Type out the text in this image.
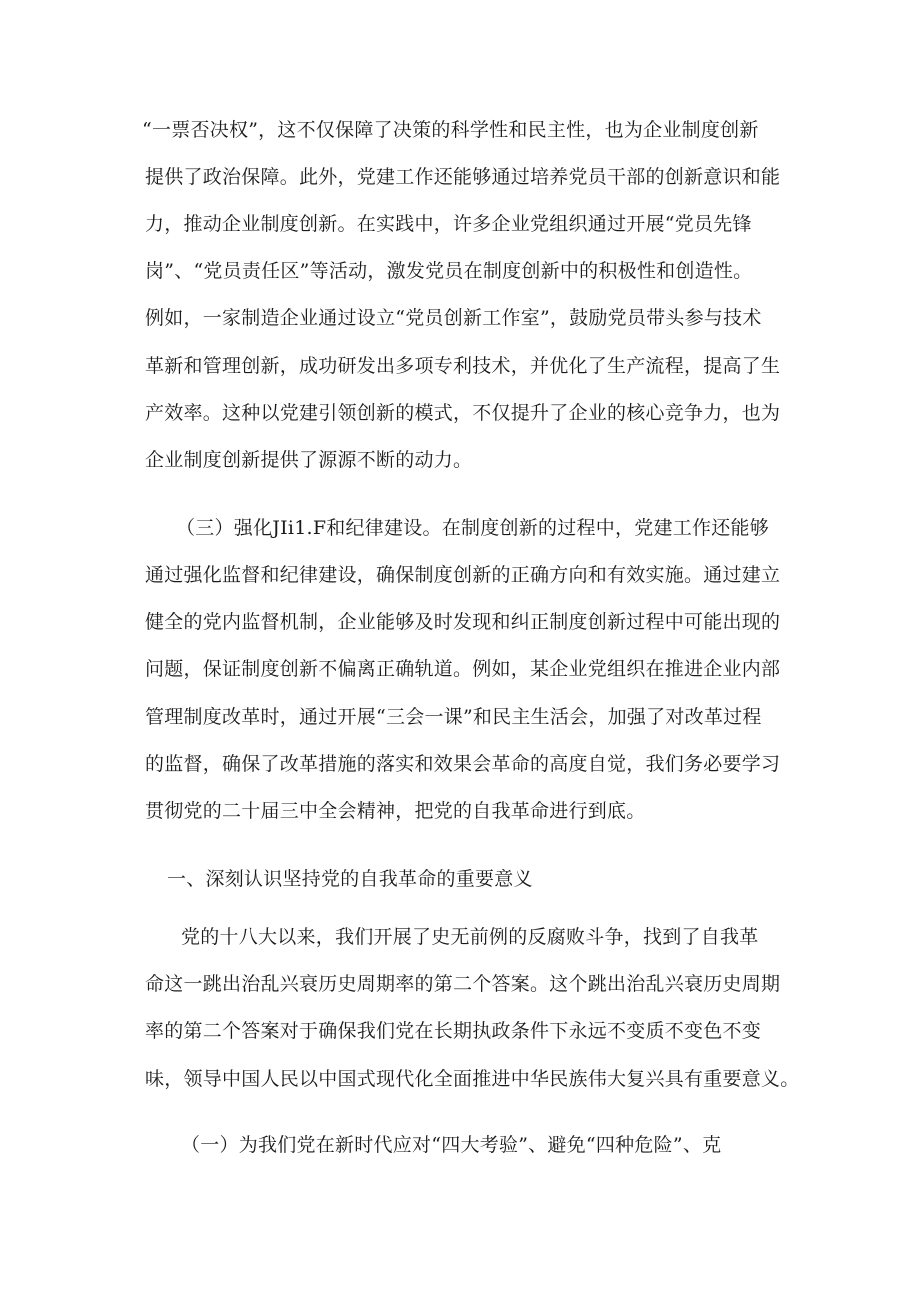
“一票否决权”，这不仅保障了决策的科学性和民主性，也为企业制度创新

提供了政治保障。此外，党建工作还能够通过培养党员干部的创新意识和能

力，推动企业制度创新。在实践中，许多企业党组织通过开展“党员先锋

岗”、“党员责任区”等活动，激发党员在制度创新中的积极性和创造性。

例如，一家制造企业通过设立“党员创新工作室”，鼓励党员带头参与技术

革新和管理创新，成功研发出多项专利技术，并优化了生产流程，提高了生

产效率。这种以党建引领创新的模式，不仅提升了企业的核心竞争力，也为

企业制度创新提供了源源不断的动力。

（三）强化JIi1.F和纪律建设。在制度创新的过程中，党建工作还能够

通过强化监督和纪律建设，确保制度创新的正确方向和有效实施。通过建立

健全的党内监督机制，企业能够及时发现和纠正制度创新过程中可能出现的

问题，保证制度创新不偏离正确轨道。例如，某企业党组织在推进企业内部

管理制度改革时，通过开展“三会一课”和民主生活会，加强了对改革过程

的监督，确保了改革措施的落实和效果会革命的高度自觉，我们务必要学习

贯彻党的二十届三中全会精神，把党的自我革命进行到底。

一、深刻认识坚持党的自我革命的重要意义

党的十八大以来，我们开展了史无前例的反腐败斗争，找到了自我革

命这一跳出治乱兴衰历史周期率的第二个答案。这个跳出治乱兴衰历史周期

率的第二个答案对于确保我们党在长期执政条件下永远不变质不变色不变

味，领导中国人民以中国式现代化全面推进中华民族伟大复兴具有重要意义。

（一）为我们党在新时代应对“四大考验”、避免“四种危险”、克
